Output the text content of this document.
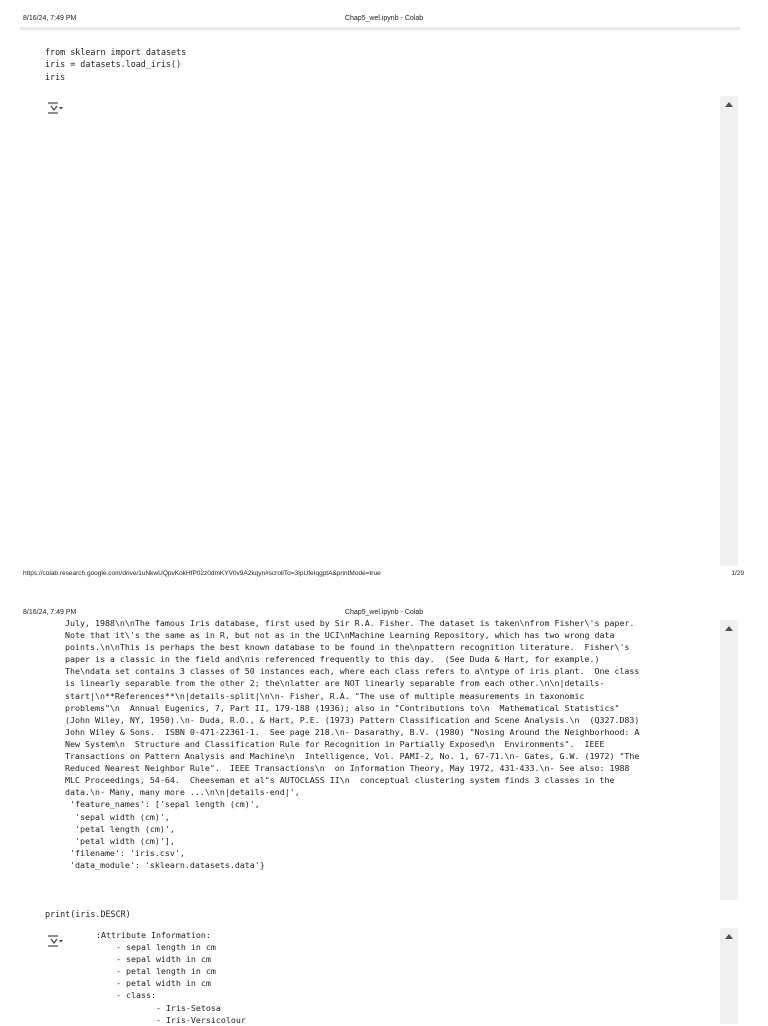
8/16/24, 7:49 PM	Chap5_wel.ipynb - Colab
from sklearn import datasets
iris = datasets.load_iris()
iris
https://colab.research.google.com/drive/1uNkwUQpvKokHfP02z0dmKYV0v9A2kqyn#scrollTo=3IpUfeIqgptA&printMode=true	1/29
8/16/24, 7:49 PM	Chap5_wel.ipynb - Colab
July, 1988\n\nThe famous Iris database, first used by Sir R.A. Fisher. The dataset is taken\nfrom Fisher\'s paper.
Note that it\'s the same as in R, but not as in the UCI\nMachine Learning Repository, which has two wrong data
points.\n\nThis is perhaps the best known database to be found in the\npattern recognition literature.  Fisher\'s
paper is a classic in the field and\nis referenced frequently to this day.  (See Duda & Hart, for example.)
The\ndata set contains 3 classes of 50 instances each, where each class refers to a\ntype of iris plant.  One class
is linearly separable from the other 2; the\nlatter are NOT linearly separable from each other.\n\n|details-
start|\n**References**\n|details-split|\n\n- Fisher, R.A. "The use of multiple measurements in taxonomic
problems"\n  Annual Eugenics, 7, Part II, 179-188 (1936); also in "Contributions to\n  Mathematical Statistics"
(John Wiley, NY, 1950).\n- Duda, R.O., & Hart, P.E. (1973) Pattern Classification and Scene Analysis.\n  (Q327.D83)
John Wiley & Sons.  ISBN 0-471-22361-1.  See page 218.\n- Dasarathy, B.V. (1980) "Nosing Around the Neighborhood: A
New System\n  Structure and Classification Rule for Recognition in Partially Exposed\n  Environments".  IEEE
Transactions on Pattern Analysis and Machine\n  Intelligence, Vol. PAMI-2, No. 1, 67-71.\n- Gates, G.W. (1972) "The
Reduced Nearest Neighbor Rule".  IEEE Transactions\n  on Information Theory, May 1972, 431-433.\n- See also: 1988
MLC Proceedings, 54-64.  Cheeseman et al"s AUTOCLASS II\n  conceptual clustering system finds 3 classes in the
data.\n- Many, many more ...\n\n|details-end|',
'feature_names': ['sepal length (cm)',
'sepal width (cm)',
'petal length (cm)',
'petal width (cm)'],
'filename': 'iris.csv',
'data_module': 'sklearn.datasets.data'}
print(iris.DESCR)
:Attribute Information:
- sepal length in cm
- sepal width in cm
- petal length in cm
- petal width in cm
- class:
- Iris-Setosa
- Iris-Versicolour
